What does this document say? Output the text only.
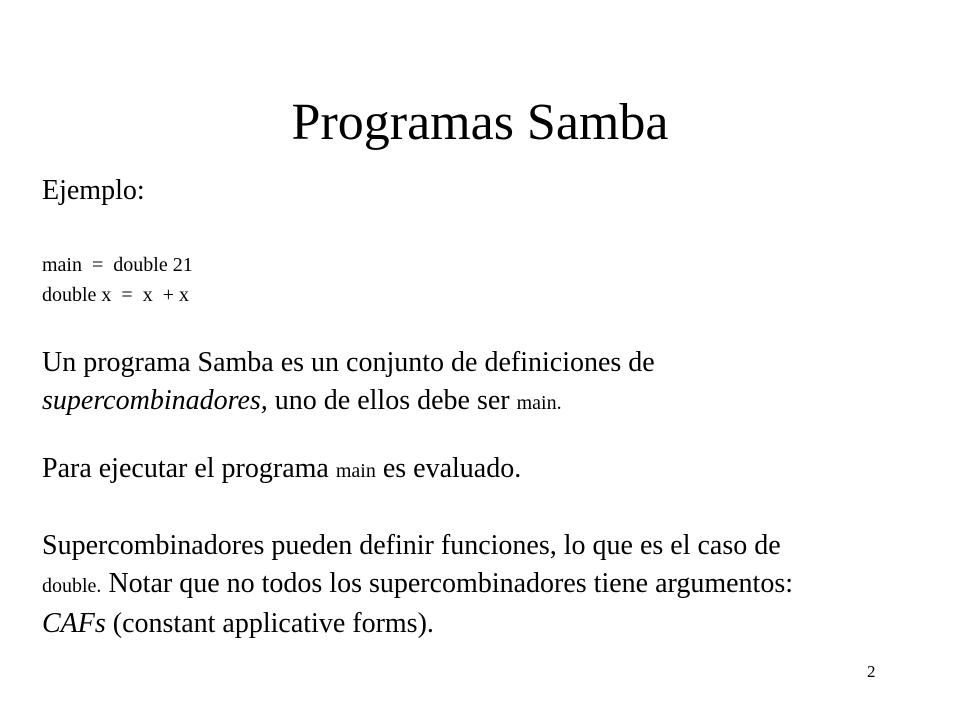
Programas Samba
Ejemplo:
main  =  double 21
double x  =  x  + x
Un programa Samba es un conjunto de definiciones de
supercombinadores, uno de ellos debe ser main.
Para ejecutar el programa main es evaluado.
Supercombinadores pueden definir funciones, lo que es el caso de
double. Notar que no todos los supercombinadores tiene argumentos:
CAFs (constant applicative forms).
2
